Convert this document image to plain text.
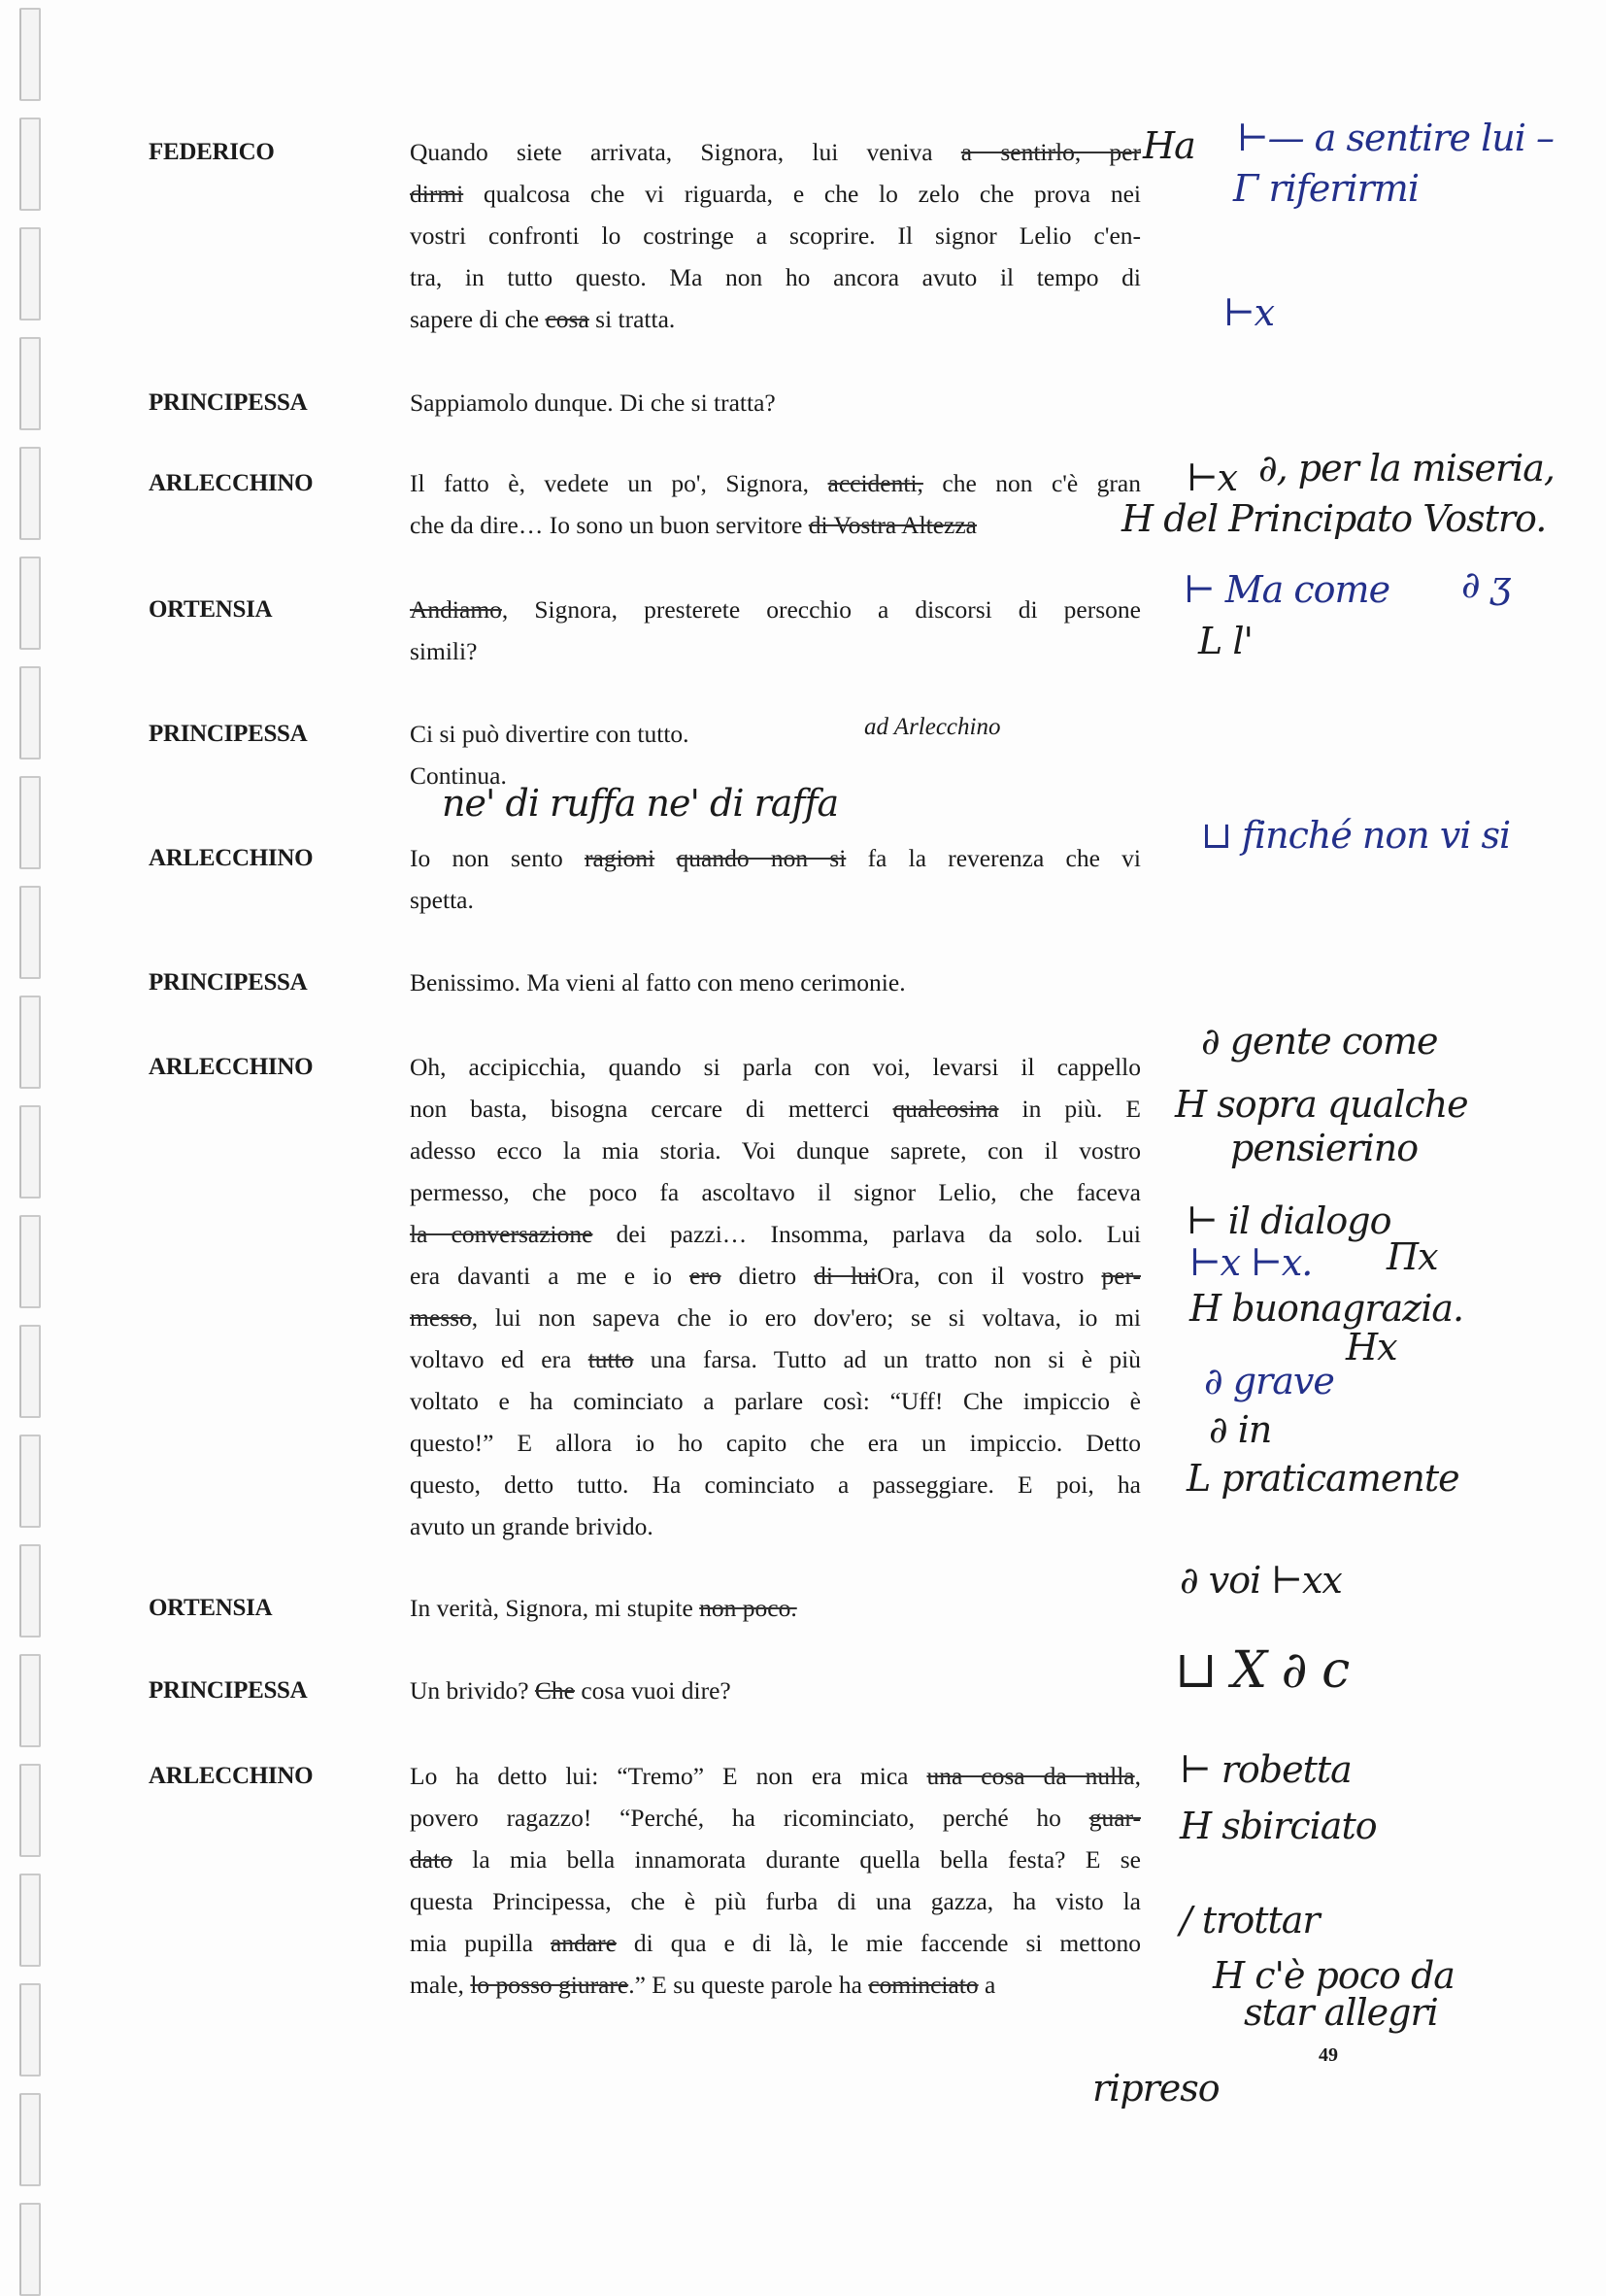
FEDERICO	Quando siete arrivata, Signora, lui veniva a sentirlo, per
dirmi qualcosa che vi riguarda, e che lo zelo che prova nei
vostri confronti lo costringe a scoprire. Il signor Lelio c'en-
tra, in tutto questo. Ma non ho ancora avuto il tempo di
sapere di che cosa si tratta.
PRINCIPESSA	Sappiamolo dunque. Di che si tratta?
ARLECCHINO	Il fatto è, vedete un po', Signora, accidenti, che non c'è gran
che da dire… Io sono un buon servitore di Vostra Altezza
ORTENSIA	Andiamo, Signora, presterete orecchio a discorsi di persone
simili?
PRINCIPESSA	Ci si può divertire con tutto.
Continua.
ARLECCHINO	Io non sento ragioni quando non si fa la reverenza che vi
spetta.
PRINCIPESSA	Benissimo. Ma vieni al fatto con meno cerimonie.
ARLECCHINO	Oh, accipicchia, quando si parla con voi, levarsi il cappello
non basta, bisogna cercare di metterci qualcosina in più. E
adesso ecco la mia storia. Voi dunque saprete, con il vostro
permesso, che poco fa ascoltavo il signor Lelio, che faceva
la conversazione dei pazzi… Insomma, parlava da solo. Lui
era davanti a me e io ero dietro di luiOra, con il vostro per-
messo, lui non sapeva che io ero dov'ero; se si voltava, io mi
voltavo ed era tutto una farsa. Tutto ad un tratto non si è più
voltato e ha cominciato a parlare così: “Uff! Che impiccio è
questo!” E allora io ho capito che era un impiccio. Detto
questo, detto tutto. Ha cominciato a passeggiare. E poi, ha
avuto un grande brivido.
ORTENSIA	In verità, Signora, mi stupite non poco.
PRINCIPESSA	Un brivido? Che cosa vuoi dire?
ARLECCHINO	Lo ha detto lui: “Tremo” E non era mica una cosa da nulla,
povero ragazzo! “Perché, ha ricominciato, perché ho guar-
dato la mia bella innamorata durante quella bella festa? E se
questa Principessa, che è più furba di una gazza, ha visto la
mia pupilla andare di qua e di là, le mie faccende si mettono
male, lo posso giurare.” E su queste parole ha cominciato a
ad Arlecchino
Ha ⊢— a sentire lui –
Γ riferirmi
⊢x
⊢x ∂, per la miseria,
H del Principato Vostro.
⊢ Ma come ∂ ʒ
L l'
ne' di ruffa ne' di raffa
⊔ finché non vi si
∂ gente come
H sopra qualche
pensierino
⊢ il dialogo
⊢x ⊢x. Πx
H buonagrazia.
Hx
∂ grave
∂ in
L praticamente
∂ voi ⊢xx
⊔ X ∂ c
⊢ robetta
H sbirciato
/ trottar
H c'è poco da
star allegri
ripreso
49
